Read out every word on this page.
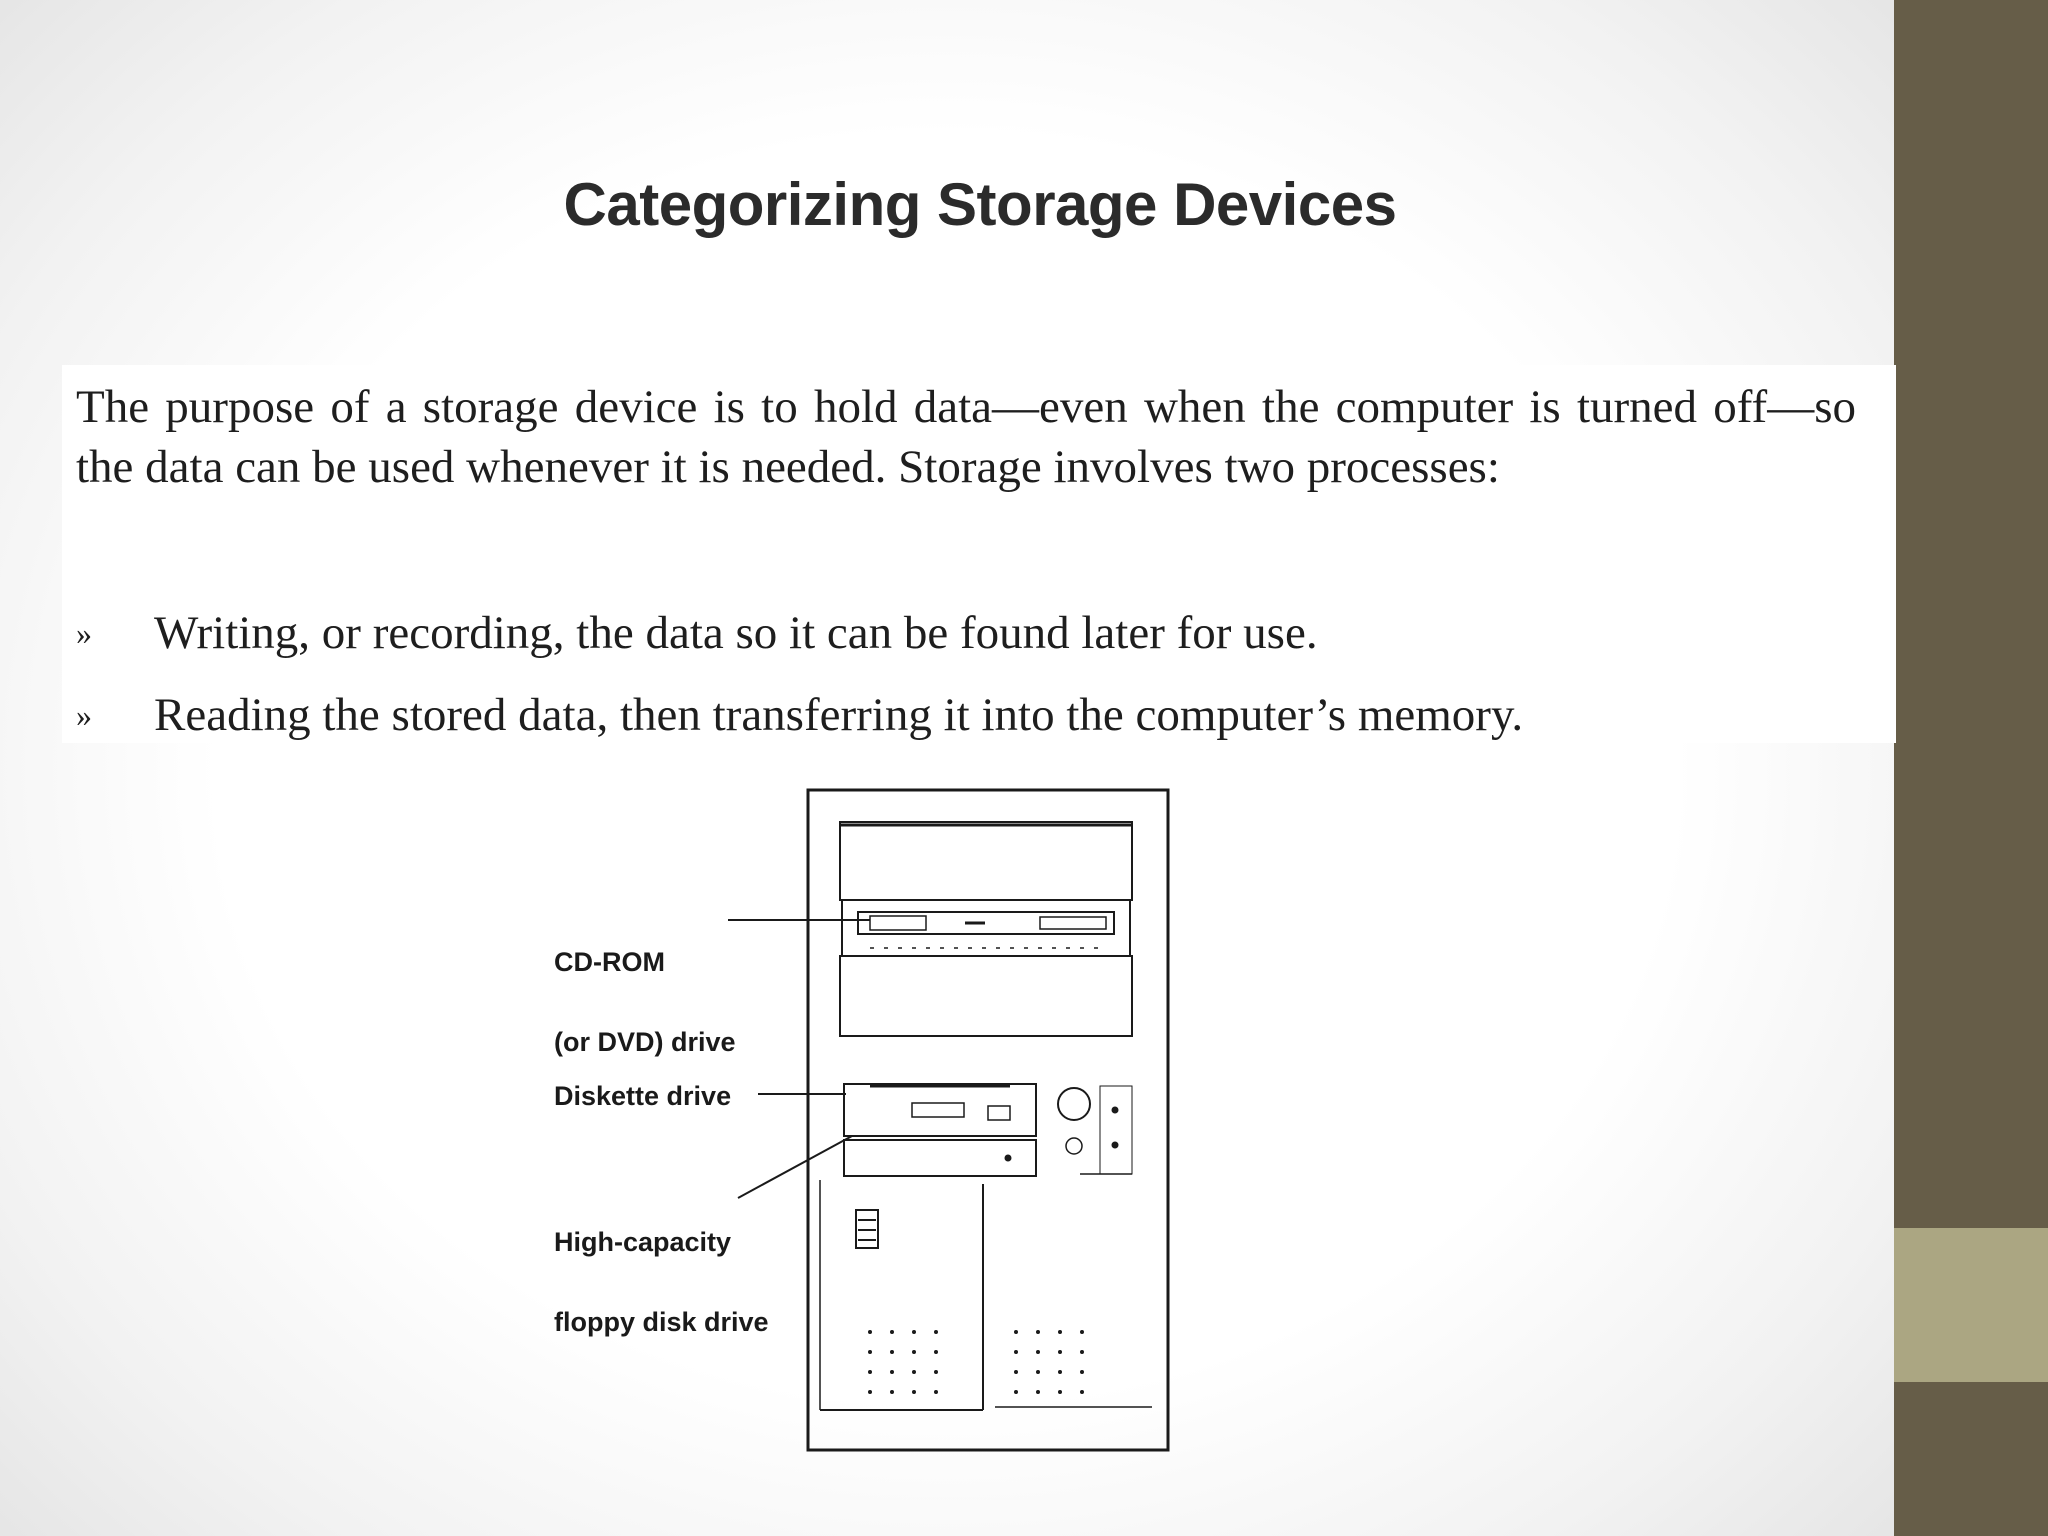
Categorizing Storage Devices
The purpose of a storage device is to hold data—even when the computer is turned off—so the data can be used whenever it is needed. Storage involves two processes:
»	Writing, or recording, the data so it can be found later for use.
»	Reading the stored data, then transferring it into the computer’s memory.

CD-ROM

(or DVD) drive

Diskette drive

High-capacity

floppy disk drive
